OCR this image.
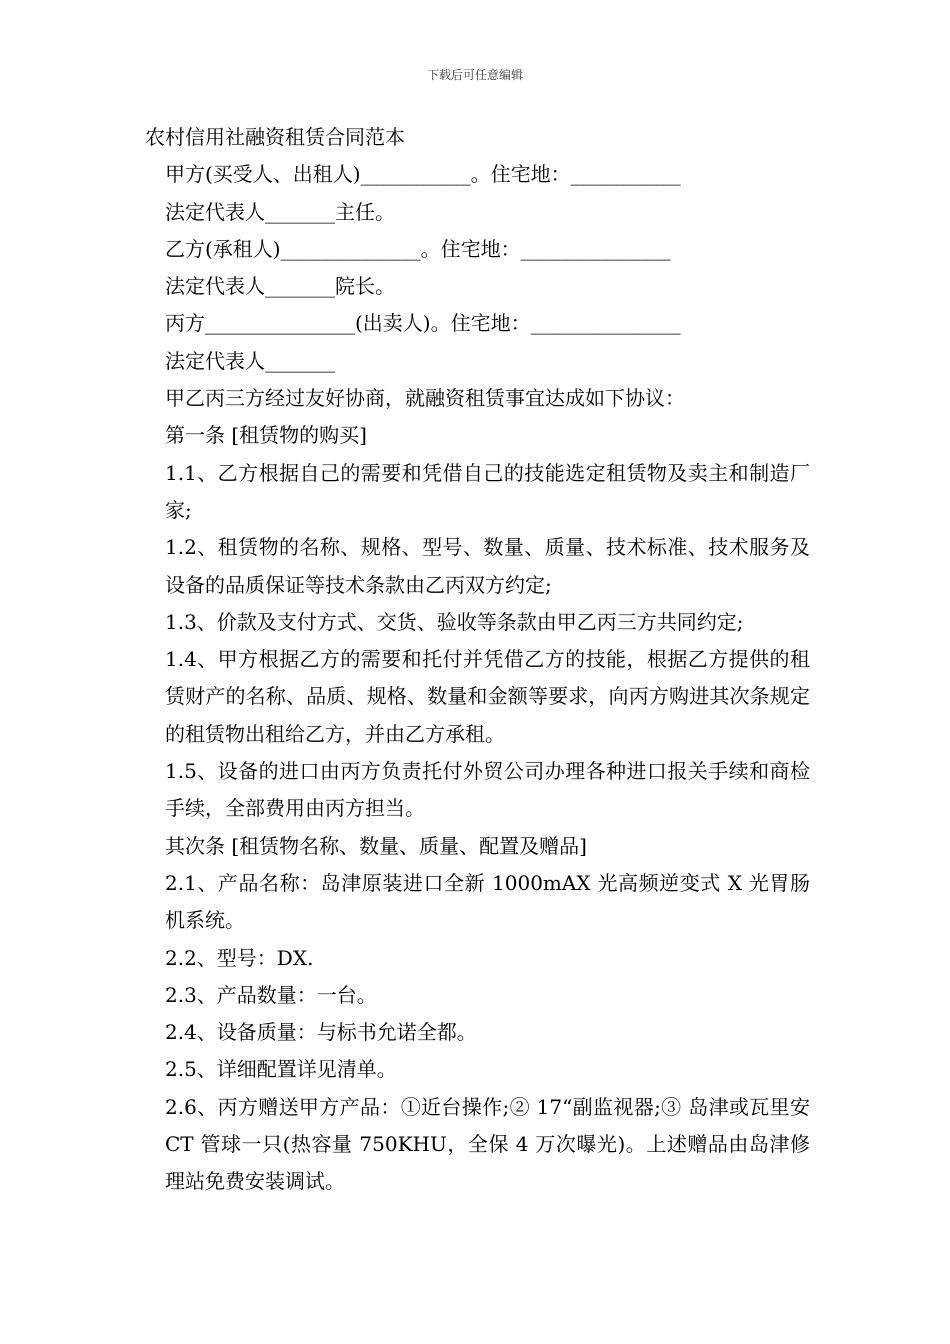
下载后可任意编辑

农村信用社融资租赁合同范本

甲方(买受人、出租人)___________。住宅地：___________

法定代表人_______主任。

乙方(承租人)______________。住宅地：_______________

法定代表人_______院长。

丙方_______________(出卖人)。住宅地：_______________

法定代表人_______

甲乙丙三方经过友好协商，就融资租赁事宜达成如下协议：

第一条 [租赁物的购买]

1.1、乙方根据自己的需要和凭借自己的技能选定租赁物及卖主和制造厂家;

1.2、租赁物的名称、规格、型号、数量、质量、技术标准、技术服务及设备的品质保证等技术条款由乙丙双方约定;

1.3、价款及支付方式、交货、验收等条款由甲乙丙三方共同约定;

1.4、甲方根据乙方的需要和托付并凭借乙方的技能，根据乙方提供的租赁财产的名称、品质、规格、数量和金额等要求，向丙方购进其次条规定的租赁物出租给乙方，并由乙方承租。

1.5、设备的进口由丙方负责托付外贸公司办理各种进口报关手续和商检手续，全部费用由丙方担当。

其次条 [租赁物名称、数量、质量、配置及赠品]

2.1、产品名称：岛津原装进口全新 1000mAX 光高频逆变式 X 光胃肠机系统。

2.2、型号：DX.

2.3、产品数量：一台。

2.4、设备质量：与标书允诺全都。

2.5、详细配置详见清单。

2.6、丙方赠送甲方产品：①近台操作;② 17“副监视器;③ 岛津或瓦里安 CT 管球一只(热容量 750KHU，全保 4 万次曝光)。上述赠品由岛津修理站免费安装调试。
